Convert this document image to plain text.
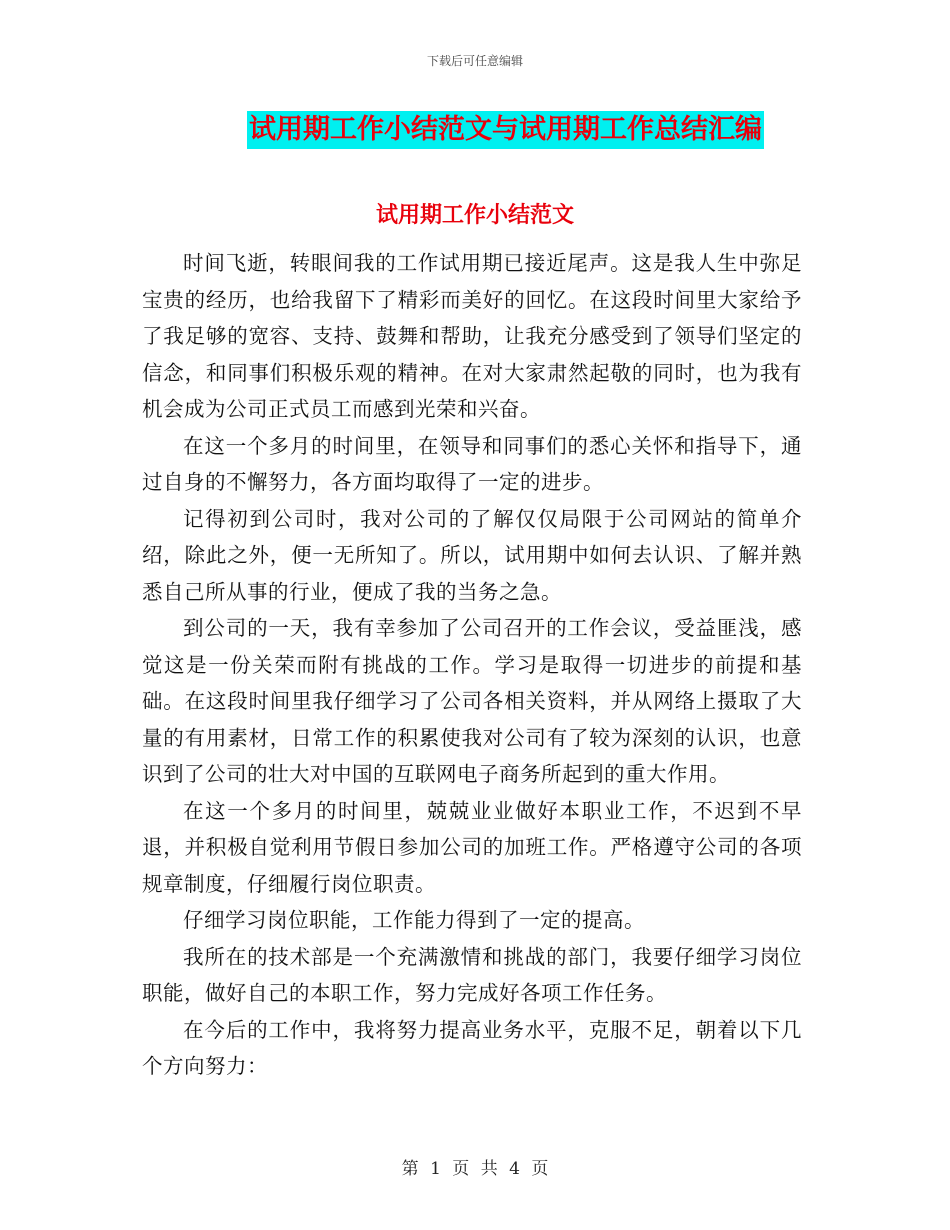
下载后可任意编辑
试用期工作小结范文与试用期工作总结汇编
试用期工作小结范文

时间飞逝，转眼间我的工作试用期已接近尾声。这是我人生中弥足宝贵的经历，也给我留下了精彩而美好的回忆。在这段时间里大家给予了我足够的宽容、支持、鼓舞和帮助，让我充分感受到了领导们坚定的信念，和同事们积极乐观的精神。在对大家肃然起敬的同时，也为我有机会成为公司正式员工而感到光荣和兴奋。

在这一个多月的时间里，在领导和同事们的悉心关怀和指导下，通过自身的不懈努力，各方面均取得了一定的进步。

记得初到公司时，我对公司的了解仅仅局限于公司网站的简单介绍，除此之外，便一无所知了。所以，试用期中如何去认识、了解并熟悉自己所从事的行业，便成了我的当务之急。

到公司的一天，我有幸参加了公司召开的工作会议，受益匪浅，感觉这是一份关荣而附有挑战的工作。学习是取得一切进步的前提和基础。在这段时间里我仔细学习了公司各相关资料，并从网络上摄取了大量的有用素材，日常工作的积累使我对公司有了较为深刻的认识，也意识到了公司的壮大对中国的互联网电子商务所起到的重大作用。

在这一个多月的时间里，兢兢业业做好本职业工作，不迟到不早退，并积极自觉利用节假日参加公司的加班工作。严格遵守公司的各项规章制度，仔细履行岗位职责。

仔细学习岗位职能，工作能力得到了一定的提高。

我所在的技术部是一个充满激情和挑战的部门，我要仔细学习岗位职能，做好自己的本职工作，努力完成好各项工作任务。

在今后的工作中，我将努力提高业务水平，克服不足，朝着以下几个方向努力：

第 1 页 共 4 页
